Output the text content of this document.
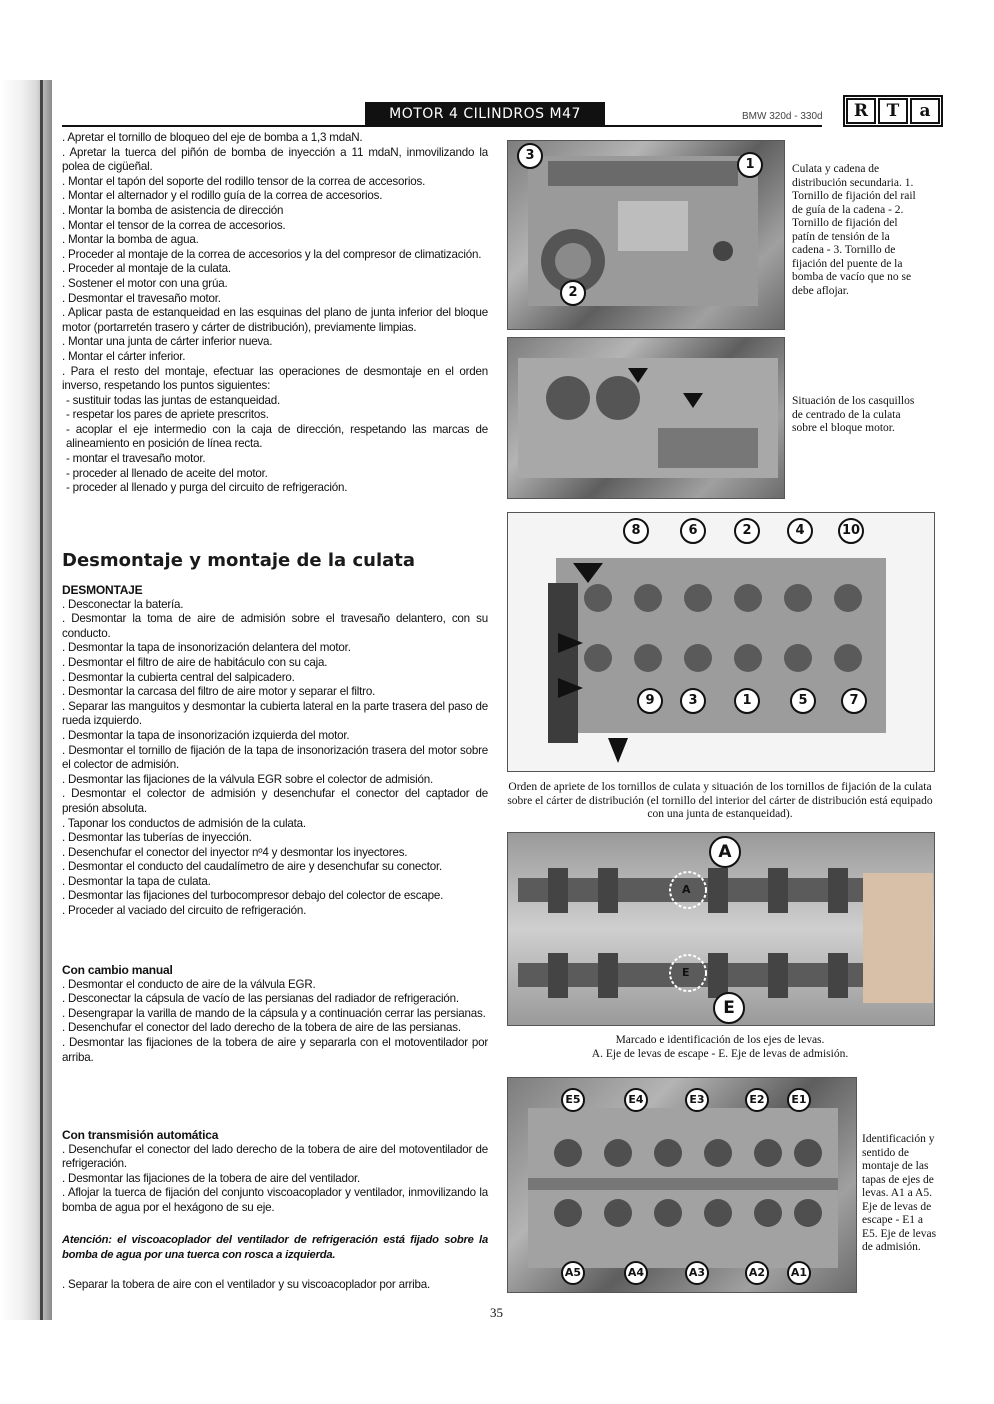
MOTOR 4 CILINDROS M47	BMW 320d - 330d	R	T	a

. Apretar el tornillo de bloqueo del eje de bomba a 1,3 mdaN.

. Apretar la tuerca del piñón de bomba de inyección a 11 mdaN, inmovilizando la polea de cigüeñal.

. Montar el tapón del soporte del rodillo tensor de la correa de accesorios.

. Montar el alternador y el rodillo guía de la correa de accesorios.

. Montar la bomba de asistencia de dirección

. Montar el tensor de la correa de accesorios.

. Montar la bomba de agua.

. Proceder al montaje de la correa de accesorios y la del compresor de climatización.

. Proceder al montaje de la culata.

. Sostener el motor con una grúa.

. Desmontar el travesaño motor.

. Aplicar pasta de estanqueidad en las esquinas del plano de junta inferior del bloque motor (portarretén trasero y cárter de distribución), previamente limpias.

. Montar una junta de cárter inferior nueva.

. Montar el cárter inferior.

. Para el resto del montaje, efectuar las operaciones de desmontaje en el orden inverso, respetando los puntos siguientes:

- sustituir todas las juntas de estanqueidad.

- respetar los pares de apriete prescritos.

- acoplar el eje intermedio con la caja de dirección, respetando las marcas de alineamiento en posición de línea recta.

- montar el travesaño motor.

- proceder al llenado de aceite del motor.

- proceder al llenado y purga del circuito de refrigeración.

Desmontaje y montaje de la culata

DESMONTAJE

. Desconectar la batería.

. Desmontar la toma de aire de admisión sobre el travesaño delantero, con su conducto.

. Desmontar la tapa de insonorización delantera del motor.

. Desmontar el filtro de aire de habitáculo con su caja.

. Desmontar la cubierta central del salpicadero.

. Desmontar la carcasa del filtro de aire motor y separar el filtro.

. Separar las manguitos y desmontar la cubierta lateral en la parte trasera del paso de rueda izquierdo.

. Desmontar la tapa de insonorización izquierda del motor.

. Desmontar el tornillo de fijación de la tapa de insonorización trasera del motor sobre el colector de admisión.

. Desmontar las fijaciones de la válvula EGR sobre el colector de admisión.

. Desmontar el colector de admisión y desenchufar el conector del captador de presión absoluta.

. Taponar los conductos de admisión de la culata.

. Desmontar las tuberías de inyección.

. Desenchufar el conector del inyector nº4 y desmontar los inyectores.

. Desmontar el conducto del caudalímetro de aire y desenchufar su conector.

. Desmontar la tapa de culata.

. Desmontar las fijaciones del turbocompresor debajo del colector de escape.

. Proceder al vaciado del circuito de refrigeración.

Con cambio manual

. Desmontar el conducto de aire de la válvula EGR.

. Desconectar la cápsula de vacío de las persianas del radiador de refrigeración.

. Desengrapar la varilla de mando de la cápsula y a continuación cerrar las persianas.

. Desenchufar el conector del lado derecho de la tobera de aire de las persianas.

. Desmontar las fijaciones de la tobera de aire y separarla con el motoventilador por arriba.

Con transmisión automática

. Desenchufar el conector del lado derecho de la tobera de aire del motoventilador de refrigeración.

. Desmontar las fijaciones de la tobera de aire del ventilador.

. Aflojar la tuerca de fijación del conjunto viscoacoplador y ventilador, inmovilizando la bomba de agua por el hexágono de su eje.

Atención: el viscoacoplador del ventilador de refrigeración está fijado sobre la bomba de agua por una tuerca con rosca a izquierda.

. Separar la tobera de aire con el ventilador y su viscoacoplador por arriba.

3
1
2
Culata y cadena de distribución secundaria. 1. Tornillo de fijación del rail de guía de la cadena - 2. Tornillo de fijación del patín de tensión de la cadena - 3. Tornillo de fijación del puente de la bomba de vacío que no se debe aflojar.
Situación de los casquillos de centrado de la culata sobre el bloque motor.
Orden de apriete de los tornillos de culata y situación de los tornillos de fijación de la culata sobre el cárter de distribución (el tornillo del interior del cárter de distribución está equipado con una junta de estanqueidad).
A
E
A
E
Marcado e identificación de los ejes de levas.
A. Eje de levas de escape - E. Eje de levas de admisión.
E5	E4	E3	E2	E1
A5	A4	A3	A2	A1
Identificación y sentido de montaje de las tapas de ejes de levas. A1 a A5. Eje de levas de escape - E1 a E5. Eje de levas de admisión.
8	6	2	4	10
9	3	1	5	7
35
